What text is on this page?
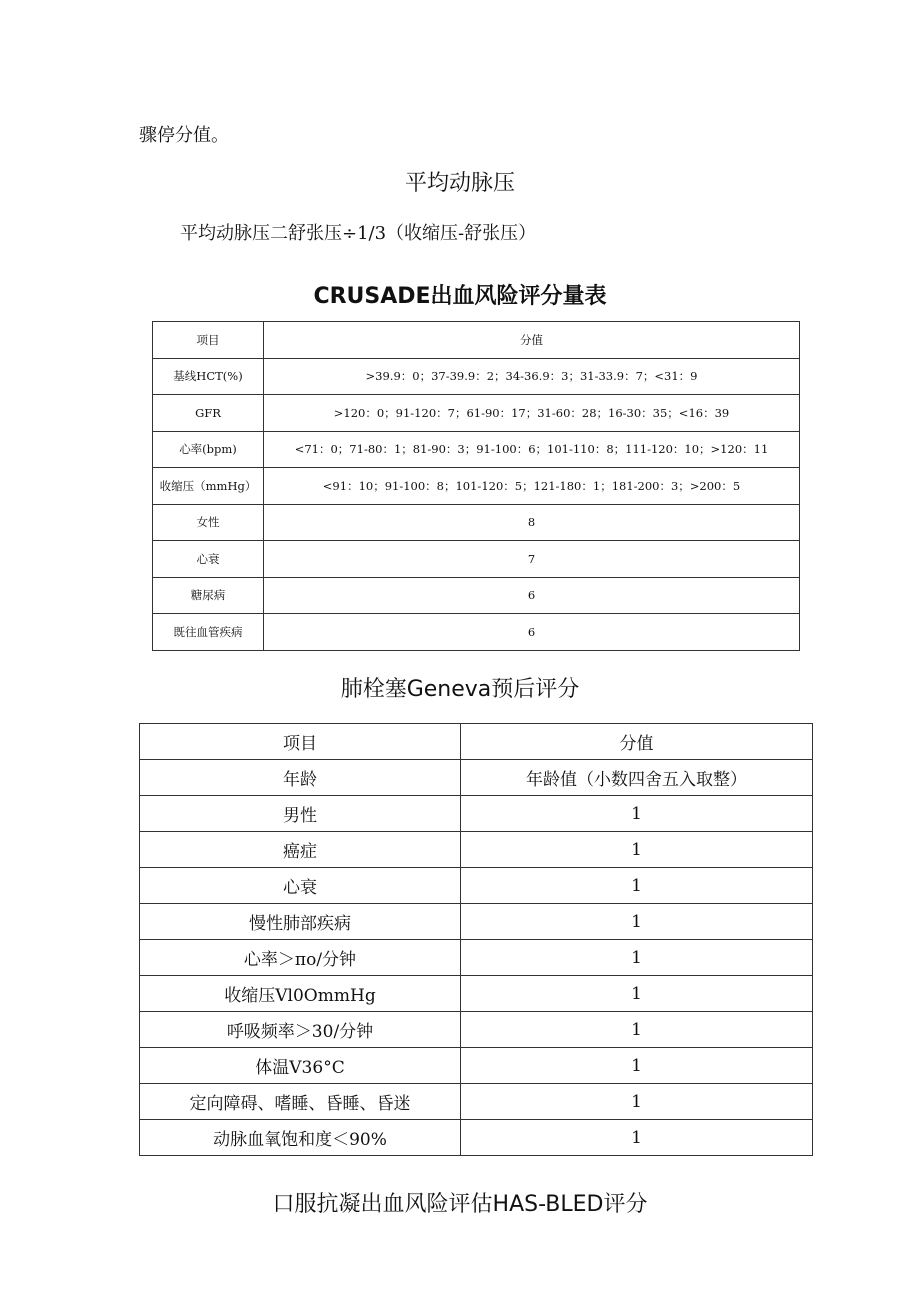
骤停分值。
平均动脉压
平均动脉压二舒张压÷1/3（收缩压-舒张压）
CRUSADE出血风险评分量表
项目	分值
基线HCT(%)	>39.9：0；37-39.9：2；34-36.9：3；31-33.9：7；<31：9
GFR	>120：0；91-120：7；61-90：17；31-60：28；16-30：35；<16：39
心率(bpm)	<71：0；71-80：1；81-90：3；91-100：6；101-110：8；111-120：10；>120：11
收缩压（mmHg）	<91：10；91-100：8；101-120：5；121-180：1；181-200：3；>200：5
女性	8
心衰	7
糖尿病	6
既往血管疾病	6
肺栓塞Geneva预后评分
项目	分值
年龄	年龄值（小数四舍五入取整）
男性	1
癌症	1
心衰	1
慢性肺部疾病	1
心率＞πo/分钟	1
收缩压Vl0OmmHg	1
呼吸频率＞30/分钟	1
体温V36°C	1
定向障碍、嗜睡、昏睡、昏迷	1
动脉血氧饱和度＜90%	1
口服抗凝出血风险评估HAS-BLED评分
